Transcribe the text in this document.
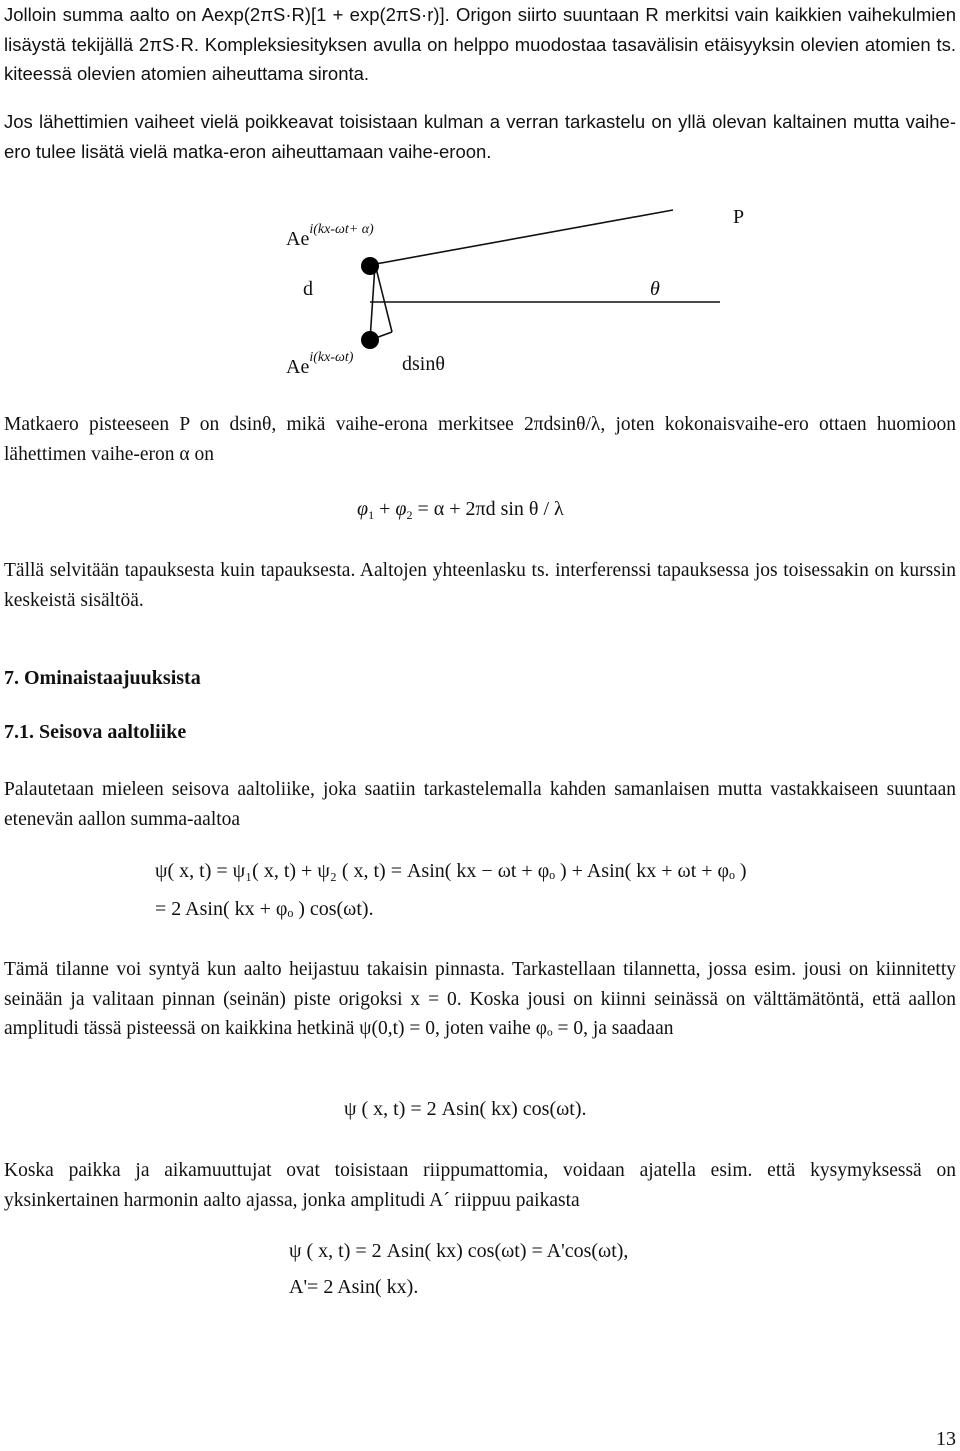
Jolloin summa aalto on Aexp(2πS·R)[1 + exp(2πS·r)]. Origon siirto suuntaan R merkitsi vain kaikkien vaihekulmien lisäystä tekijällä 2πS·R. Kompleksiesityksen avulla on helppo muodostaa tasavälisin etäisyyksin olevien atomien ts. kiteessä olevien atomien aiheuttama sironta.

Jos lähettimien vaiheet vielä poikkeavat toisistaan kulman a verran tarkastelu on yllä olevan kaltainen mutta vaihe-ero tulee lisätä vielä matka-eron aiheuttamaan vaihe-eroon.

$Ae^{i(kx-\omega t+ \alpha)}$
P
d	θ
$Ae^{i(kx-\omega t)}$ dsinθ

Matkaero pisteeseen P on dsinθ, mikä vaihe-erona merkitsee 2πdsinθ/λ, joten kokonaisvaihe-ero ottaen huomioon lähettimen vaihe-eron α on

$\varphi_1 + \varphi_2 = \alpha + 2\pi d$ sin θ / λ

Tällä selvitään tapauksesta kuin tapauksesta. Aaltojen yhteenlasku ts. interferenssi tapauksessa jos toisessakin on kurssin keskeistä sisältöä.

7. Ominaistaajuuksista
7.1. Seisova aaltoliike

Palautetaan mieleen seisova aaltoliike, joka saatiin tarkastelemalla kahden samanlaisen mutta vastakkaiseen suuntaan etenevän aallon summa-aaltoa

ψ( x, t) = ψ₁( x, t) + ψ₂ ( x, t) = Asin( kx − ωt + φₒ ) + Asin( kx + ωt + φₒ )
= 2 Asin( kx + φₒ ) cos(ωt).

Tämä tilanne voi syntyä kun aalto heijastuu takaisin pinnasta. Tarkastellaan tilannetta, jossa esim. jousi on kiinnitetty seinään ja valitaan pinnan (seinän) piste origoksi x = 0. Koska jousi on kiinni seinässä on välttämätöntä, että aallon amplitudi tässä pisteessä on kaikkina hetkinä ψ(0,t) = 0, joten vaihe φₒ = 0, ja saadaan

ψ ( x, t) = 2 Asin( kx) cos(ωt).

Koska paikka ja aikamuuttujat ovat toisistaan riippumattomia, voidaan ajatella esim. että kysymyksessä on yksinkertainen harmonin aalto ajassa, jonka amplitudi A´ riippuu paikasta

ψ ( x, t) = 2 Asin( kx) cos(ωt) = A'cos(ωt),
A'= 2 Asin( kx).
13
